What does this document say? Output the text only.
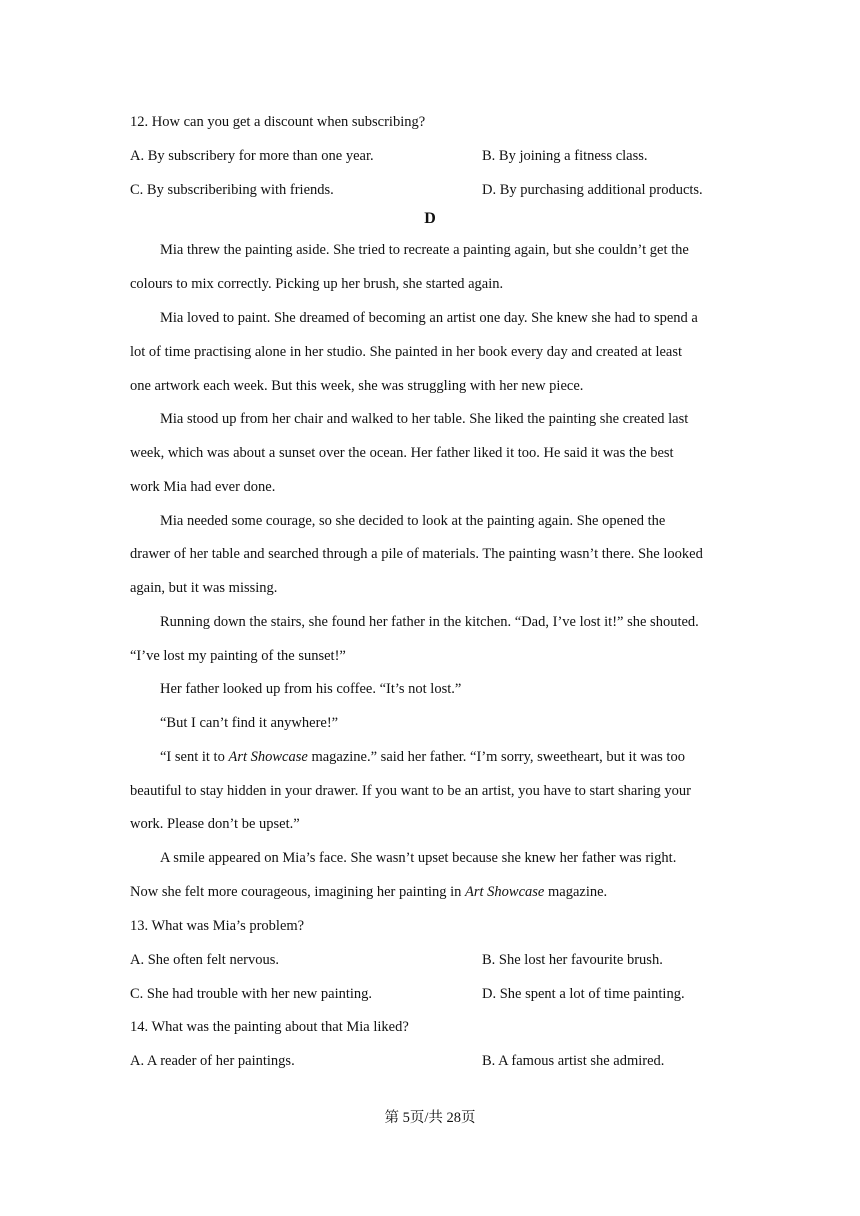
12. How can you get a discount when subscribing?
A. By subscribery for more than one year.	B. By joining a fitness class.
C. By subscriberibing with friends.	D. By purchasing additional products.
D
Mia threw the painting aside. She tried to recreate a painting again, but she couldn’t get the
colours to mix correctly. Picking up her brush, she started again.
Mia loved to paint. She dreamed of becoming an artist one day. She knew she had to spend a
lot of time practising alone in her studio. She painted in her book every day and created at least
one artwork each week. But this week, she was struggling with her new piece.
Mia stood up from her chair and walked to her table. She liked the painting she created last
week, which was about a sunset over the ocean. Her father liked it too. He said it was the best
work Mia had ever done.
Mia needed some courage, so she decided to look at the painting again. She opened the
drawer of her table and searched through a pile of materials. The painting wasn’t there. She looked
again, but it was missing.
Running down the stairs, she found her father in the kitchen. “Dad, I’ve lost it!” she shouted.
“I’ve lost my painting of the sunset!”
Her father looked up from his coffee. “It’s not lost.”
“But I can’t find it anywhere!”
“I sent it to Art Showcase magazine.” said her father. “I’m sorry, sweetheart, but it was too
beautiful to stay hidden in your drawer. If you want to be an artist, you have to start sharing your
work. Please don’t be upset.”
A smile appeared on Mia’s face. She wasn’t upset because she knew her father was right.
Now she felt more courageous, imagining her painting in Art Showcase magazine.
13. What was Mia’s problem?
A. She often felt nervous.	B. She lost her favourite brush.
C. She had trouble with her new painting.	D. She spent a lot of time painting.
14. What was the painting about that Mia liked?
A. A reader of her paintings.	B. A famous artist she admired.
第 5页/共 28页
